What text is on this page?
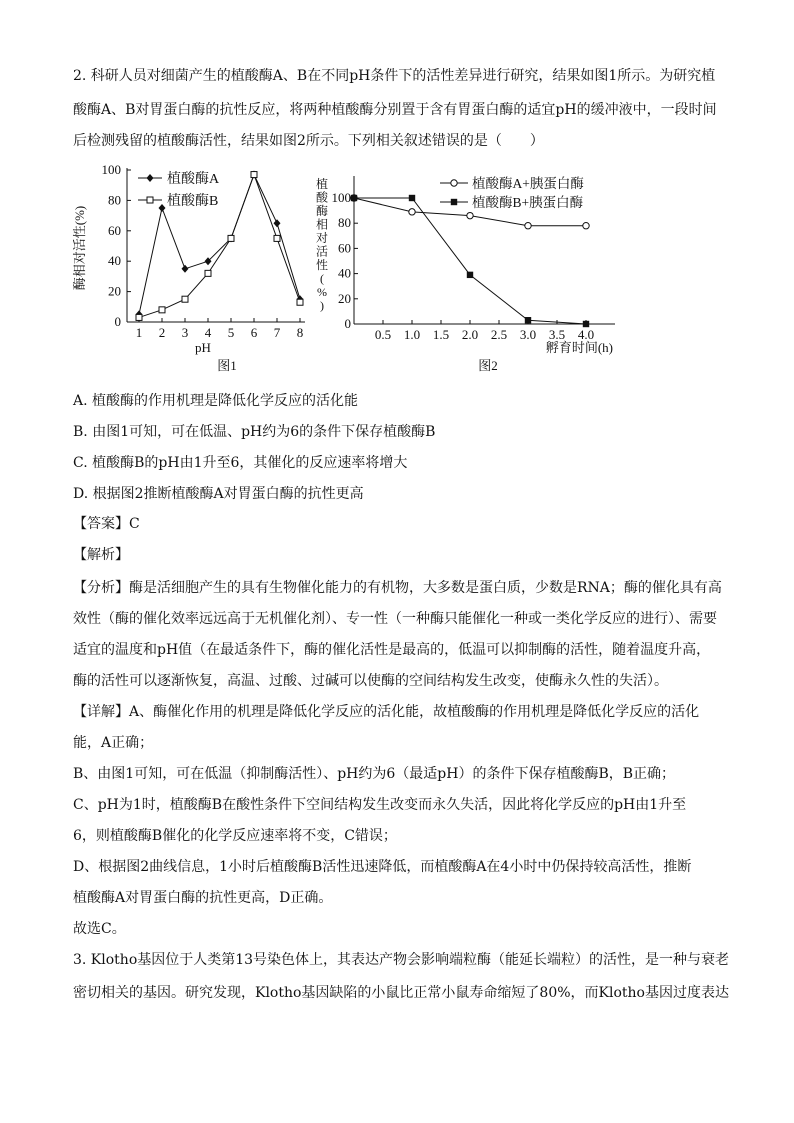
2. 科研人员对细菌产生的植酸酶A、B在不同pH条件下的活性差异进行研究，结果如图1所示。为研究植
酸酶A、B对胃蛋白酶的抗性反应，将两种植酸酶分别置于含有胃蛋白酶的适宜pH的缓冲液中，一段时间
后检测残留的植酸酶活性，结果如图2所示。下列相关叙述错误的是（　　）
0
20
40
60
80
100
1 2 3 4 5 6 7 8
pH
图1
酶相对活性(%)
植酸酶A
植酸酶B
0
20
40
60
80
100
0.5 1.0 1.5 2.0 2.5 3.0 3.5 4.0
孵育时间(h)
图2
植酸酶相对活性( % )
植酸酶A+胰蛋白酶
植酸酶B+胰蛋白酶
A. 植酸酶的作用机理是降低化学反应的活化能
B. 由图1可知，可在低温、pH约为6的条件下保存植酸酶B
C. 植酸酶B的pH由1升至6，其催化的反应速率将增大
D. 根据图2推断植酸酶A对胃蛋白酶的抗性更高
【答案】C
【解析】
【分析】酶是活细胞产生的具有生物催化能力的有机物，大多数是蛋白质，少数是RNA；酶的催化具有高
效性（酶的催化效率远远高于无机催化剂）、专一性（一种酶只能催化一种或一类化学反应的进行）、需要
适宜的温度和pH值（在最适条件下，酶的催化活性是最高的，低温可以抑制酶的活性，随着温度升高，
酶的活性可以逐渐恢复，高温、过酸、过碱可以使酶的空间结构发生改变，使酶永久性的失活）。
【详解】A、酶催化作用的机理是降低化学反应的活化能，故植酸酶的作用机理是降低化学反应的活化
能，A正确；
B、由图1可知，可在低温（抑制酶活性）、pH约为6（最适pH）的条件下保存植酸酶B，B正确；
C、pH为1时，植酸酶B在酸性条件下空间结构发生改变而永久失活，因此将化学反应的pH由1升至
6，则植酸酶B催化的化学反应速率将不变，C错误；
D、根据图2曲线信息，1小时后植酸酶B活性迅速降低，而植酸酶A在4小时中仍保持较高活性，推断
植酸酶A对胃蛋白酶的抗性更高，D正确。
故选C。
3. Klotho基因位于人类第13号染色体上，其表达产物会影响端粒酶（能延长端粒）的活性，是一种与衰老
密切相关的基因。研究发现，Klotho基因缺陷的小鼠比正常小鼠寿命缩短了80%，而Klotho基因过度表达
